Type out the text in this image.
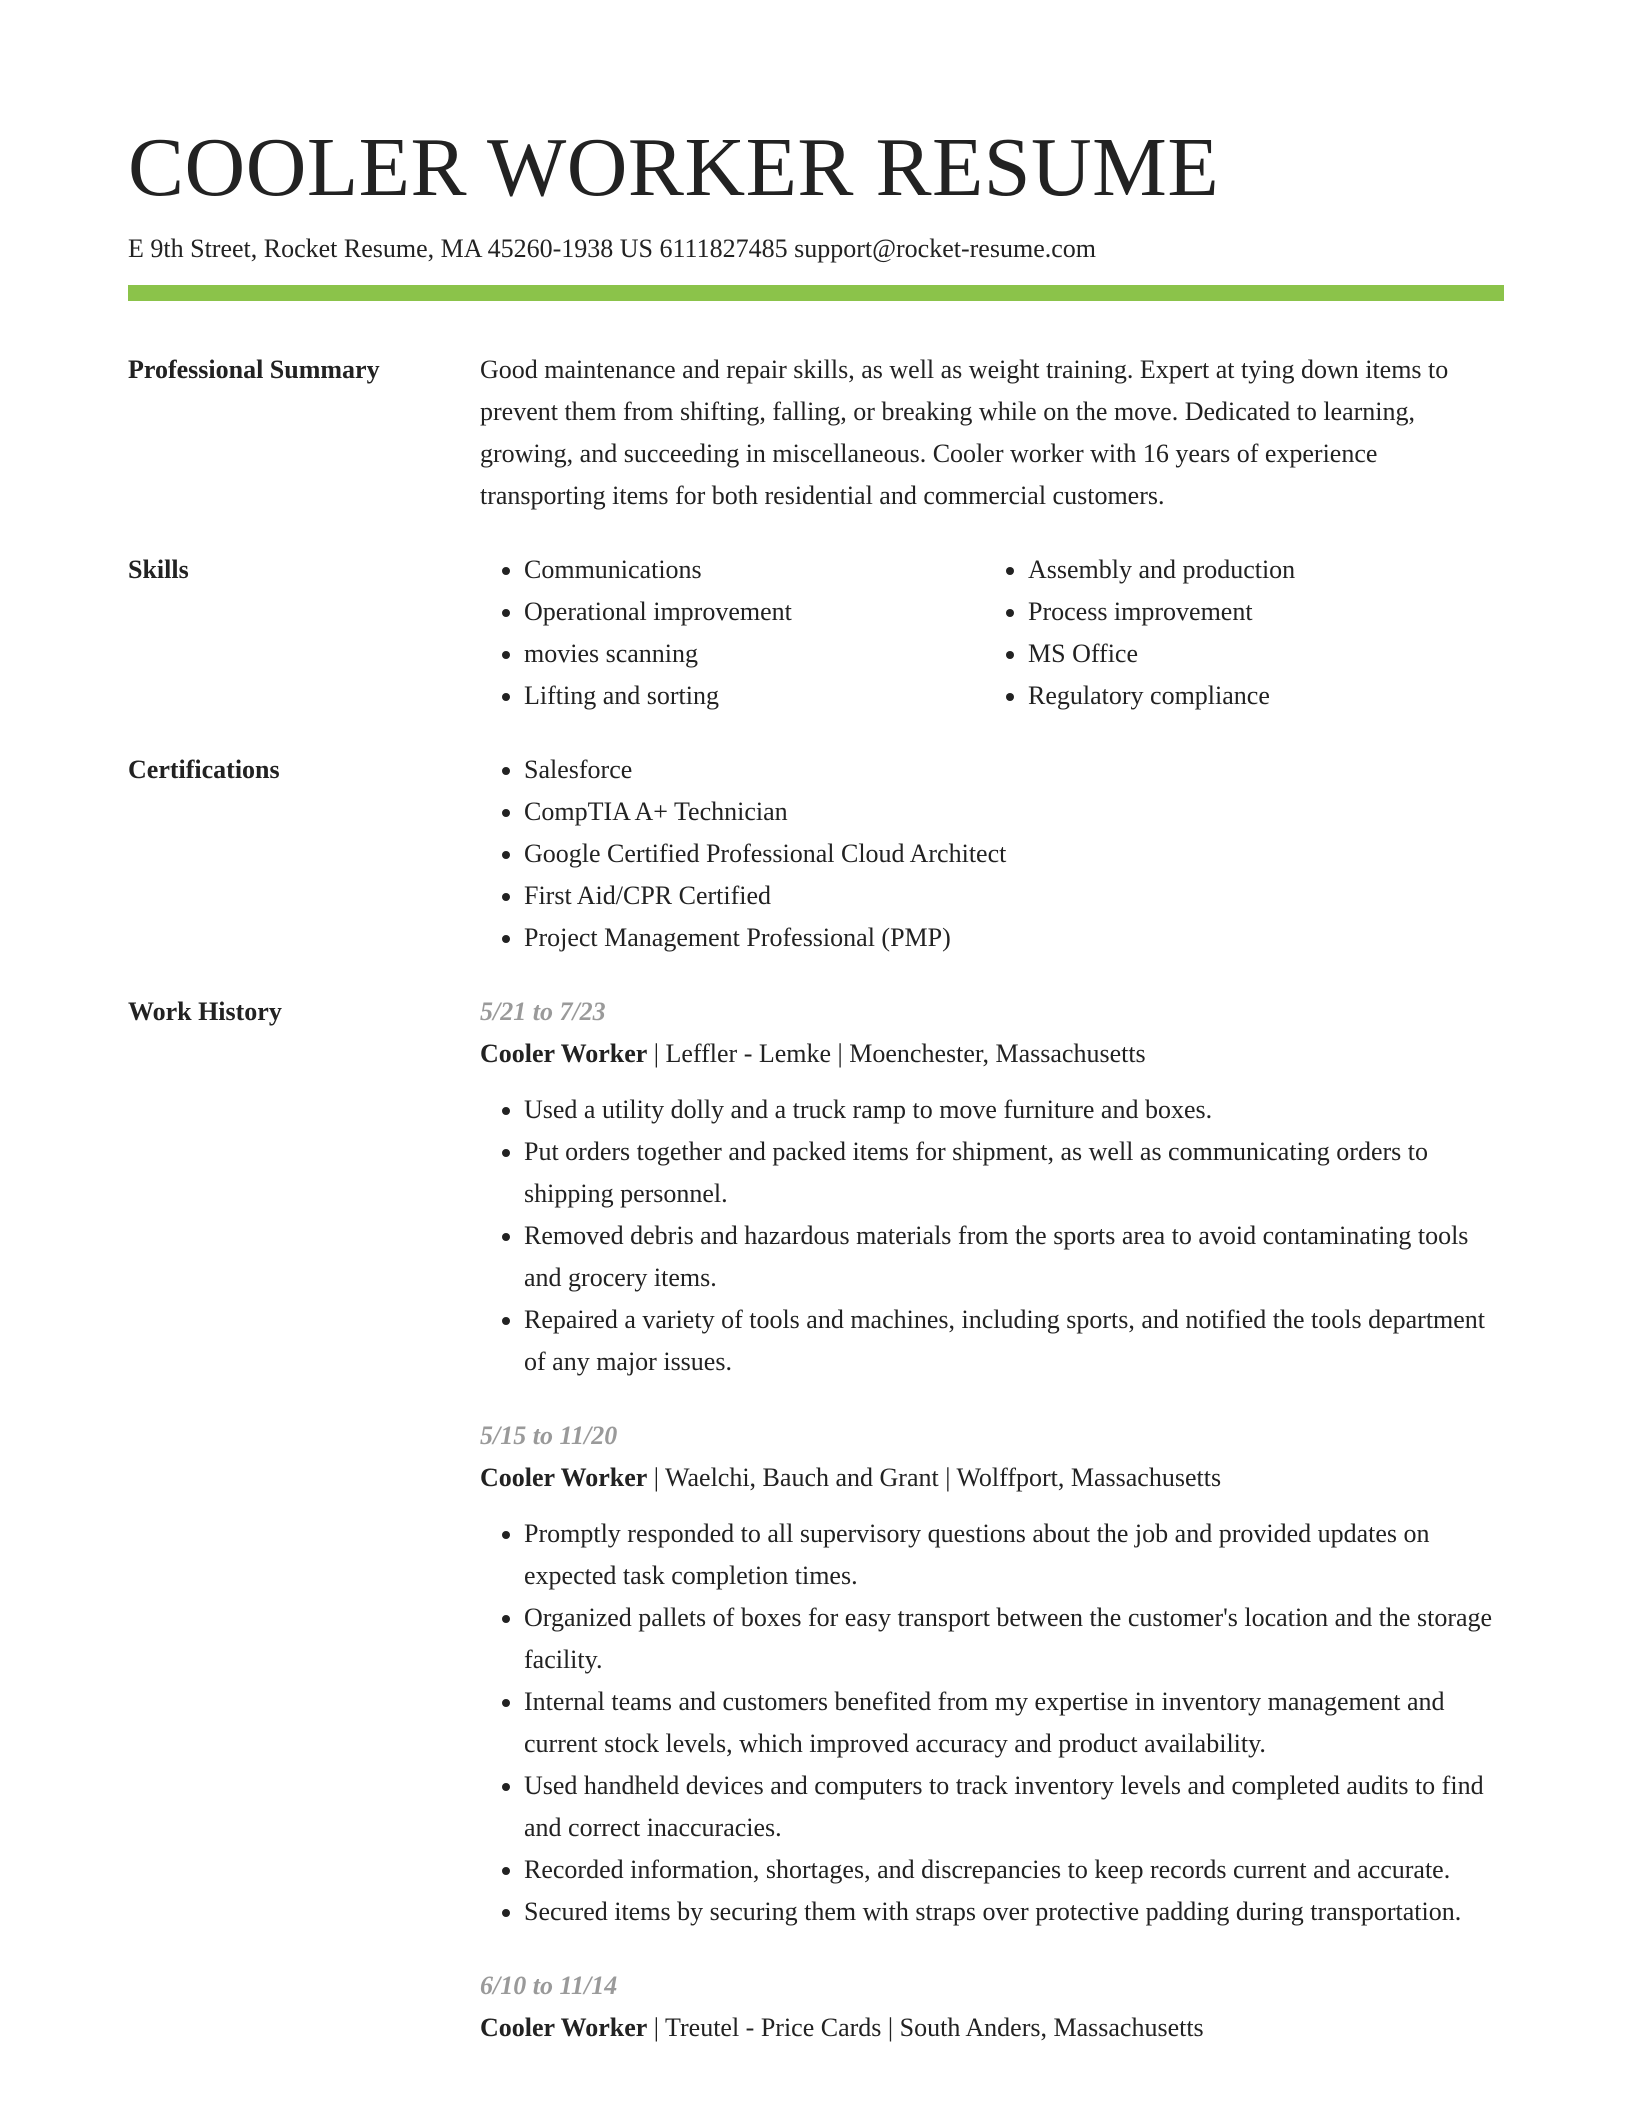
COOLER WORKER RESUME
E 9th Street, Rocket Resume, MA 45260-1938 US 6111827485 support@rocket-resume.com
Professional Summary	Good maintenance and repair skills, as well as weight training. Expert at tying down items to prevent them from shifting, falling, or breaking while on the move. Dedicated to learning, growing, and succeeding in miscellaneous. Cooler worker with 16 years of experience transporting items for both residential and commercial customers.

Skills	• Communications
• Operational improvement
• movies scanning
• Lifting and sorting
• Assembly and production
• Process improvement
• MS Office
• Regulatory compliance
Certifications	• Salesforce
• CompTIA A+ Technician
• Google Certified Professional Cloud Architect
• First Aid/CPR Certified
• Project Management Professional (PMP)
Work History	5/21 to 7/23
Cooler Worker | Leffler - Lemke | Moenchester, Massachusetts
• Used a utility dolly and a truck ramp to move furniture and boxes.
• Put orders together and packed items for shipment, as well as communicating orders to shipping personnel.
• Removed debris and hazardous materials from the sports area to avoid contaminating tools and grocery items.
• Repaired a variety of tools and machines, including sports, and notified the tools department of any major issues.
5/15 to 11/20
Cooler Worker | Waelchi, Bauch and Grant | Wolffport, Massachusetts
• Promptly responded to all supervisory questions about the job and provided updates on expected task completion times.
• Organized pallets of boxes for easy transport between the customer's location and the storage facility.
• Internal teams and customers benefited from my expertise in inventory management and current stock levels, which improved accuracy and product availability.
• Used handheld devices and computers to track inventory levels and completed audits to find and correct inaccuracies.
• Recorded information, shortages, and discrepancies to keep records current and accurate.
• Secured items by securing them with straps over protective padding during transportation.
6/10 to 11/14
Cooler Worker | Treutel - Price Cards | South Anders, Massachusetts
